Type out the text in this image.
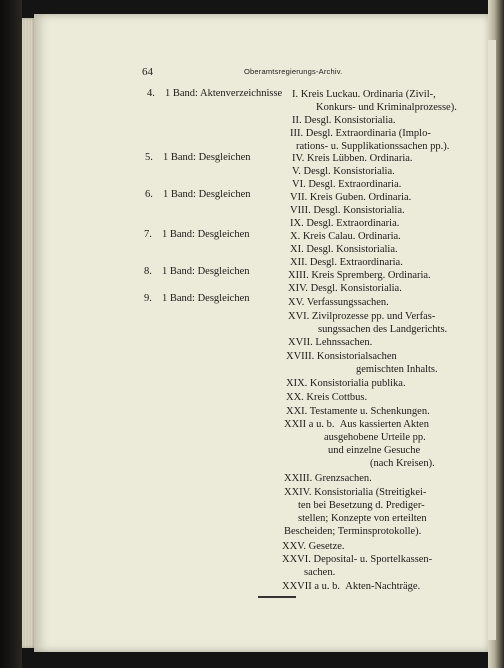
64	Oberamtsregierungs-Archiv.
4. 1 Band: Aktenverzeichnisse
5. 1 Band: Desgleichen
6. 1 Band: Desgleichen
7. 1 Band: Desgleichen
8. 1 Band: Desgleichen
9. 1 Band: Desgleichen
I. Kreis Luckau. Ordinaria (Zivil-,
Konkurs- und Kriminalprozesse).
II. Desgl. Konsistorialia.
III. Desgl. Extraordinaria (Implo-
rations- u. Supplikationssachen pp.).
IV. Kreis Lübben. Ordinaria.
V. Desgl. Konsistorialia.
VI. Desgl. Extraordinaria.
VII. Kreis Guben. Ordinaria.
VIII. Desgl. Konsistorialia.
IX. Desgl. Extraordinaria.
X. Kreis Calau. Ordinaria.
XI. Desgl. Konsistorialia.
XII. Desgl. Extraordinaria.
XIII. Kreis Spremberg. Ordinaria.
XIV. Desgl. Konsistorialia.
XV. Verfassungssachen.
XVI. Zivilprozesse pp. und Verfas-
sungssachen des Landgerichts.
XVII. Lehnssachen.
XVIII. Konsistorialsachen
gemischten Inhalts.
XIX. Konsistorialia publika.
XX. Kreis Cottbus.
XXI. Testamente u. Schenkungen.
XXII a u. b. Aus kassierten Akten
ausgehobene Urteile pp.
und einzelne Gesuche
(nach Kreisen).
XXIII. Grenzsachen.
XXIV. Konsistorialia (Streitigkei-
ten bei Besetzung d. Prediger-
stellen; Konzepte von erteilten
Bescheiden; Terminsprotokolle).
XXV. Gesetze.
XXVI. Deposital- u. Sportelkassen-
sachen.
XXVII a u. b. Akten-Nachträge.
